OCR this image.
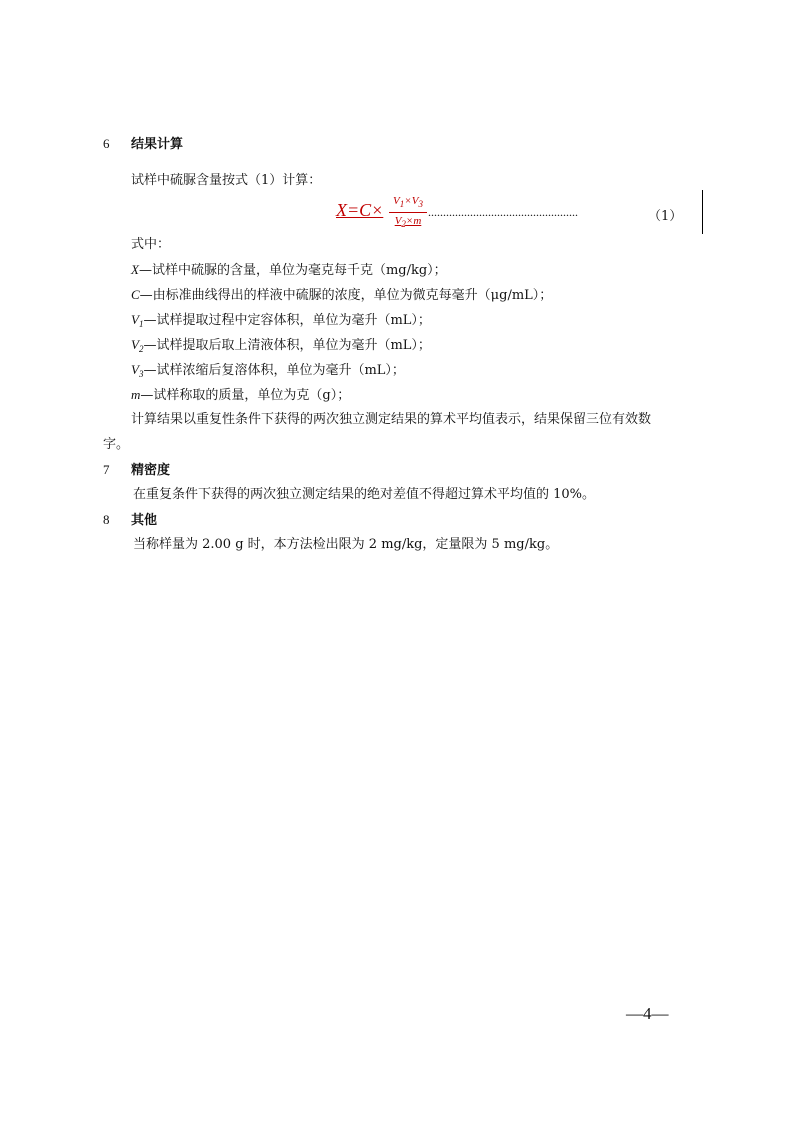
6 结果计算
试样中硫脲含量按式（1）计算：
$X=C\times \frac{V_1\times V_3}{V_2\times m}$ ..................................................	（1）
式中：
X—试样中硫脲的含量，单位为毫克每千克（mg/kg）；
C—由标准曲线得出的样液中硫脲的浓度，单位为微克每毫升（μg/mL）；
$V_1—$试样提取过程中定容体积，单位为毫升（mL）；
$V_2—$试样提取后取上清液体积，单位为毫升（mL）；
$V_3—$试样浓缩后复溶体积，单位为毫升（mL）；
m—试样称取的质量，单位为克（g）；
计算结果以重复性条件下获得的两次独立测定结果的算术平均值表示，结果保留三位有效数
字。
7 精密度
在重复条件下获得的两次独立测定结果的绝对差值不得超过算术平均值的 10%。
8 其他
当称样量为 2.00 g 时，本方法检出限为 2 mg/kg，定量限为 5 mg/kg。
—4—
